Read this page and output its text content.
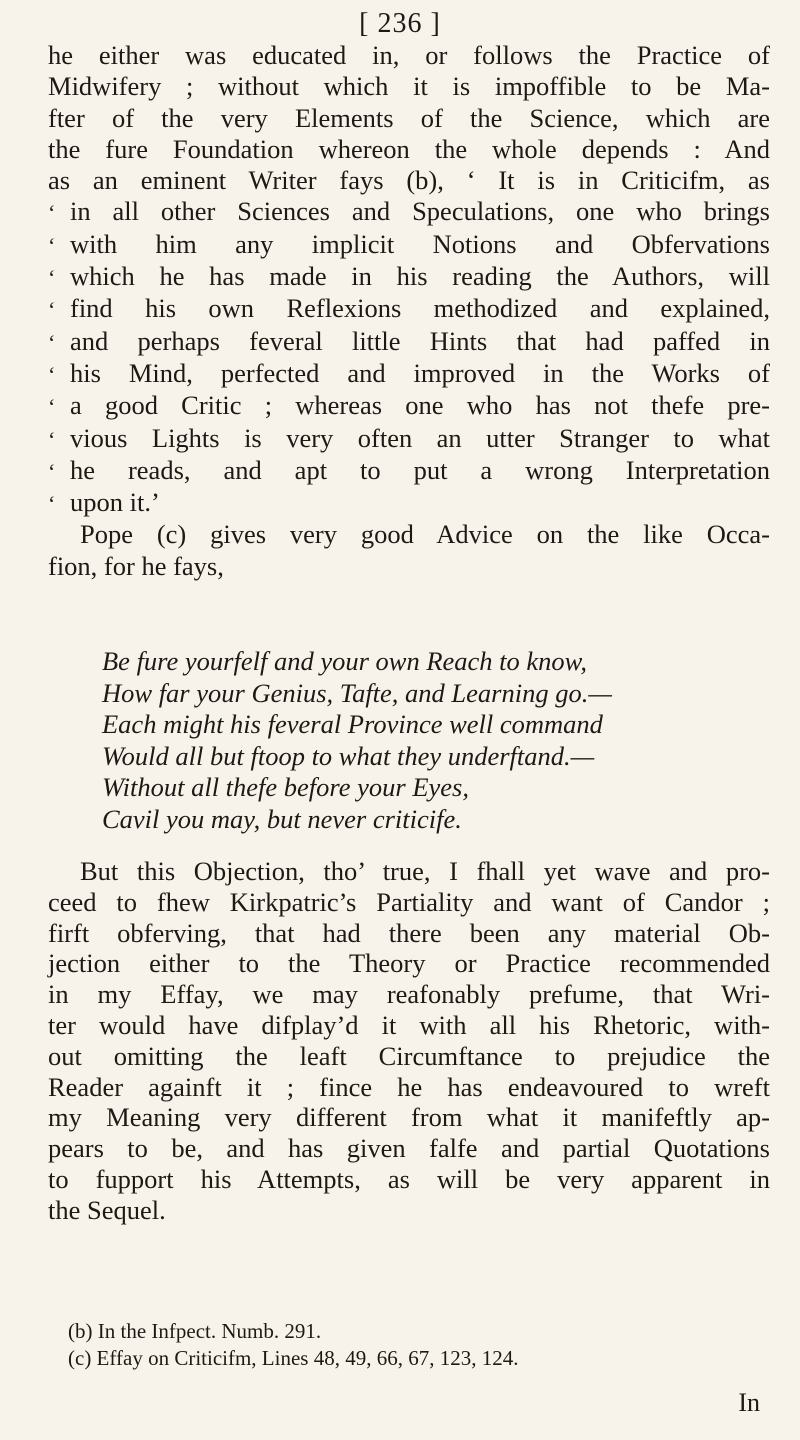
[ 236 ]
he either was educated in, or follows the Practice of
Midwifery ; without which it is impoffible to be Ma-
fter of the very Elements of the Science, which are
the fure Foundation whereon the whole depends : And
as an eminent Writer fays (b), ‘ It is in Criticifm, as
‘ in all other Sciences and Speculations, one who brings
‘ with him any implicit Notions and Obfervations
‘ which he has made in his reading the Authors, will
‘ find his own Reflexions methodized and explained,
‘ and perhaps feveral little Hints that had paffed in
‘ his Mind, perfected and improved in the Works of
‘ a good Critic ; whereas one who has not thefe pre-
‘ vious Lights is very often an utter Stranger to what
‘ he reads, and apt to put a wrong Interpretation
‘ upon it.’
Pope (c) gives very good Advice on the like Occa-
fion, for he fays,
Be fure yourfelf and your own Reach to know,
How far your Genius, Tafte, and Learning go.—
Each might his feveral Province well command
Would all but ftoop to what they underftand.—
Without all thefe before your Eyes,
Cavil you may, but never criticife.
But this Objection, tho’ true, I fhall yet wave and pro-
ceed to fhew Kirkpatric’s Partiality and want of Candor ;
firft obferving, that had there been any material Ob-
jection either to the Theory or Practice recommended
in my Effay, we may reafonably prefume, that Wri-
ter would have difplay’d it with all his Rhetoric, with-
out omitting the leaft Circumftance to prejudice the
Reader againft it ; fince he has endeavoured to wreft
my Meaning very different from what it manifeftly ap-
pears to be, and has given falfe and partial Quotations
to fupport his Attempts, as will be very apparent in
the Sequel.
(b) In the Infpect. Numb. 291.
(c) Effay on Criticifm, Lines 48, 49, 66, 67, 123, 124.
In
